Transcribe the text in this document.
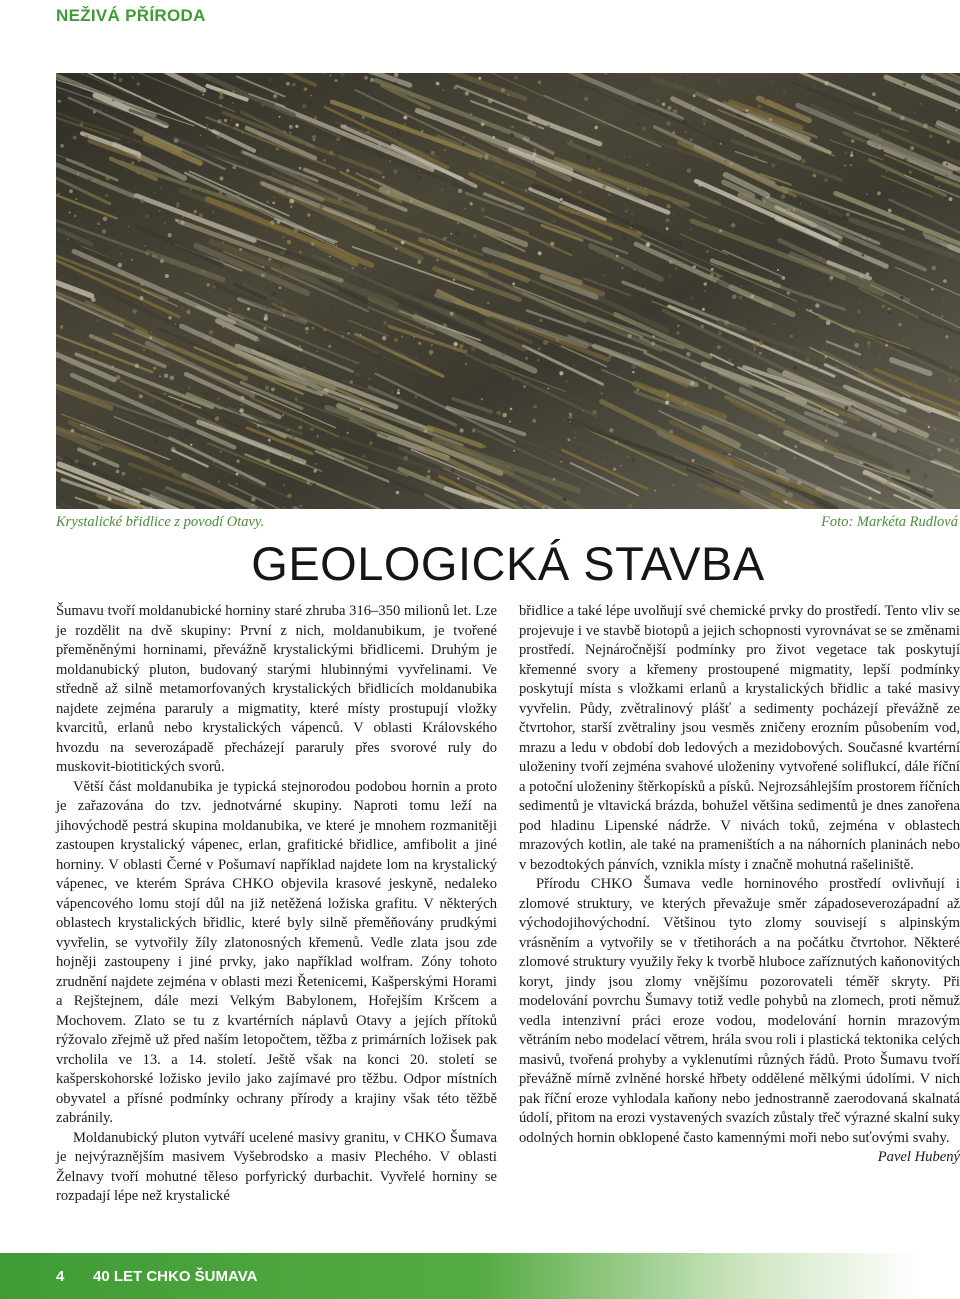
NEŽIVÁ PŘÍRODA
Krystalické břidlice z povodí Otavy.	Foto: Markéta Rudlová
GEOLOGICKÁ STAVBA

Šumavu tvoří moldanubické horniny staré zhruba 316–350 milionů let. Lze je rozdělit na dvě skupiny: První z nich, moldanubikum, je tvořené přeměněnými horninami, převážně krystalickými břidlicemi. Druhým je moldanubický pluton, budovaný starými hlubinnými vyvřelinami. Ve středně až silně metamorfovaných krystalických břidlicích moldanubika najdete zejména pararuly a migmatity, které místy prostupují vložky kvarcitů, erlanů nebo krystalických vápenců. V oblasti Královského hvozdu na severozápadě přecházejí pararuly přes svorové ruly do muskovit-biotitických svorů.

Větší část moldanubika je typická stejnorodou podobou hornin a proto je zařazována do tzv. jednotvárné skupiny. Naproti tomu leží na jihovýchodě pestrá skupina moldanubika, ve které je mnohem rozmanitěji zastoupen krystalický vápenec, erlan, grafitické břidlice, amfibolit a jiné horniny. V oblasti Černé v Pošumaví například najdete lom na krystalický vápenec, ve kterém Správa CHKO objevila krasové jeskyně, nedaleko vápencového lomu stojí důl na již netěžená ložiska grafitu. V některých oblastech krystalických břidlic, které byly silně přeměňovány prudkými vyvřelin, se vytvořily žíly zlatonosných křemenů. Vedle zlata jsou zde hojněji zastoupeny i jiné prvky, jako například wolfram. Zóny tohoto zrudnění najdete zejména v oblasti mezi Řetenicemi, Kašperskými Horami a Rejštejnem, dále mezi Velkým Babylonem, Hořejším Kršcem a Mochovem. Zlato se tu z kvartérních náplavů Otavy a jejích přítoků rýžovalo zřejmě už před naším letopočtem, těžba z primárních ložisek pak vrcholila ve 13. a 14. století. Ještě však na konci 20. století se kašperskohorské ložisko jevilo jako zajímavé pro těžbu. Odpor místních obyvatel a přísné podmínky ochrany přírody a krajiny však této těžbě zabránily.

Moldanubický pluton vytváří ucelené masivy granitu, v CHKO Šumava je nejvýraznějším masivem Vyšebrodsko a masiv Plechého. V oblasti Želnavy tvoří mohutné těleso porfyrický durbachit. Vyvřelé horniny se rozpadají lépe než krystalické

břidlice a také lépe uvolňují své chemické prvky do prostředí. Tento vliv se projevuje i ve stavbě biotopů a jejich schopnosti vyrovnávat se se změnami prostředí. Nejnáročnější podmínky pro život vegetace tak poskytují křemenné svory a křemeny prostoupené migmatity, lepší podmínky poskytují místa s vložkami erlanů a krystalických břidlic a také masivy vyvřelin. Půdy, zvětralinový plášť a sedimenty pocházejí převážně ze čtvrtohor, starší zvětraliny jsou vesměs zničeny erozním působením vod, mrazu a ledu v období dob ledových a mezidobových. Současné kvartérní uloženiny tvoří zejména svahové uloženiny vytvořené soliflukcí, dále říční a potoční uloženiny štěrkopísků a písků. Nejrozsáhlejším prostorem říčních sedimentů je vltavická brázda, bohužel většina sedimentů je dnes zanořena pod hladinu Lipenské nádrže. V nivách toků, zejména v oblastech mrazových kotlin, ale také na prameništích a na náhorních planinách nebo v bezodtokých pánvích, vznikla místy i značně mohutná rašeliniště.

Přírodu CHKO Šumava vedle horninového prostředí ovlivňují i zlomové struktury, ve kterých převažuje směr západoseverozápadní až východojihovýchodní. Většinou tyto zlomy souvisejí s alpinským vrásněním a vytvořily se v třetihorách a na počátku čtvrtohor. Některé zlomové struktury využily řeky k tvorbě hluboce zaříznutých kaňonovitých koryt, jindy jsou zlomy vnějšímu pozorovateli téměř skryty. Při modelování povrchu Šumavy totiž vedle pohybů na zlomech, proti němuž vedla intenzivní práci eroze vodou, modelování hornin mrazovým větráním nebo modelací větrem, hrála svou roli i plastická tektonika celých masivů, tvořená prohyby a vyklenutími různých řádů. Proto Šumavu tvoří převážně mírně zvlněné horské hřbety oddělené mělkými údolími. V nich pak říční eroze vyhlodala kaňony nebo jednostranně zaerodovaná skalnatá údolí, přitom na erozi vystavených svazích zůstaly třeč výrazné skalní suky odolných hornin obklopené často kamennými moři nebo suťovými svahy.
Pavel Hubený

4 40 LET CHKO ŠUMAVA
